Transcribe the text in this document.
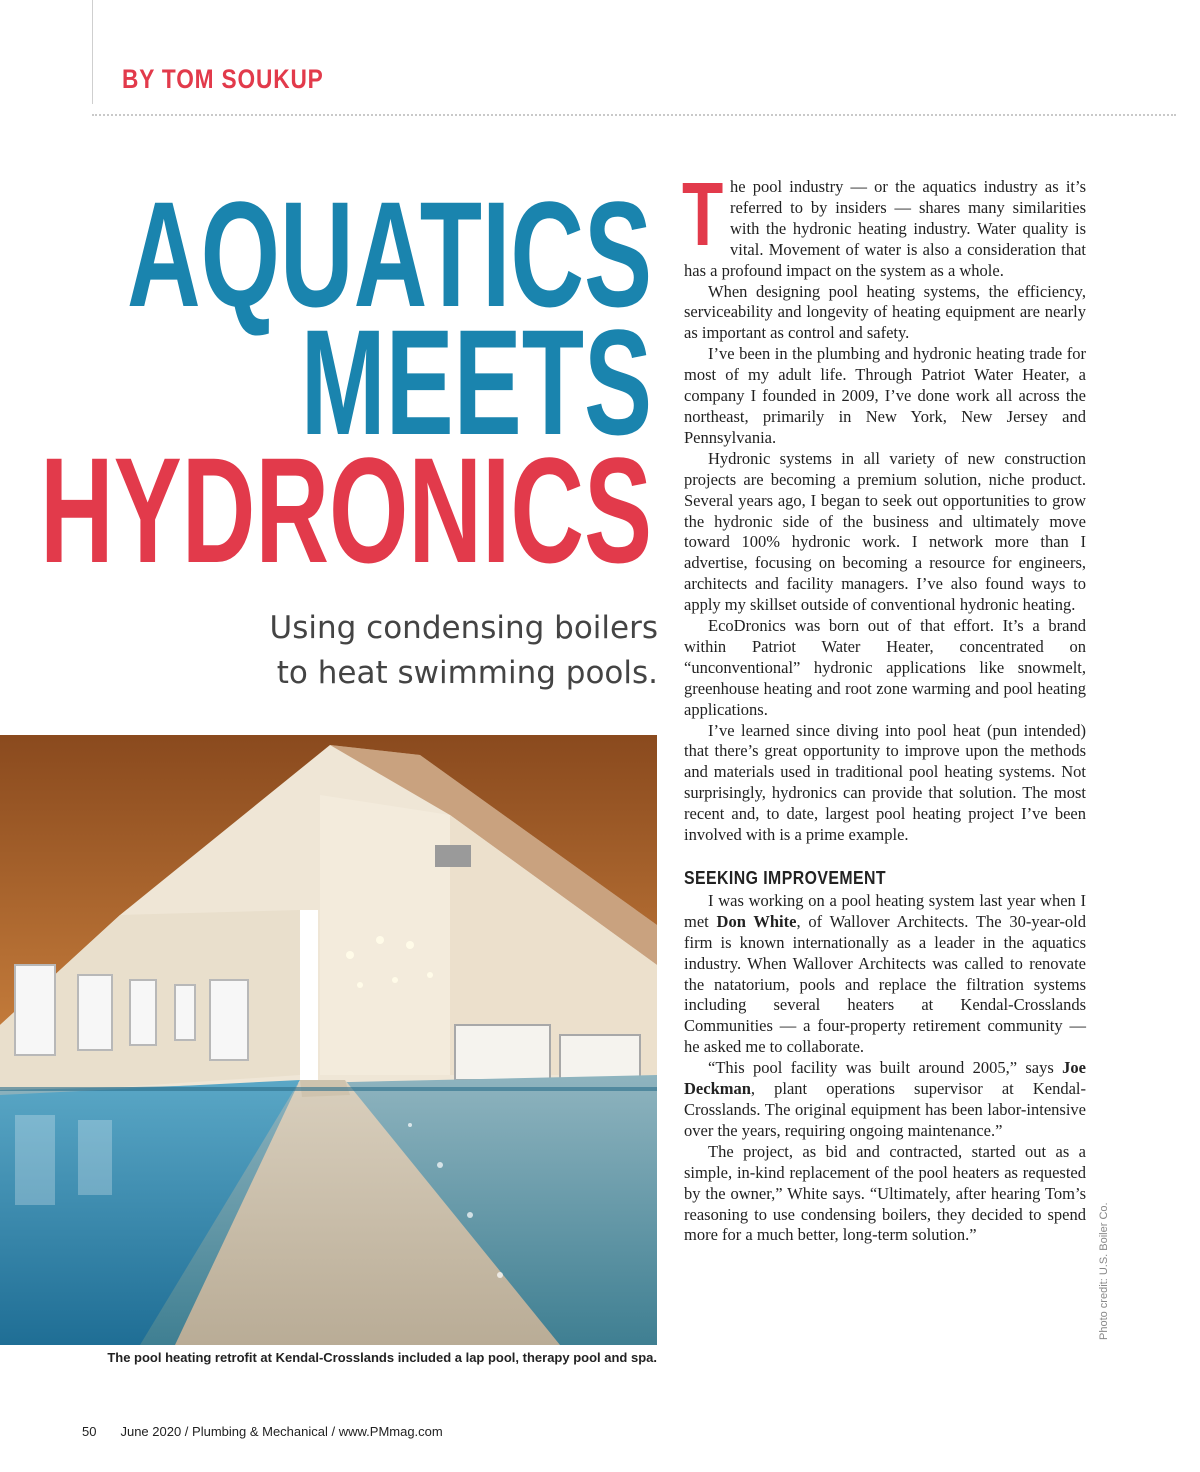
BY TOM SOUKUP
AQUATICS
MEETS
HYDRONICS
Using condensing boilers
to heat swimming pools.
The pool heating retrofit at Kendal-Crosslands included a lap pool, therapy pool and spa.

The pool industry — or the aquatics industry as it’s referred to by insiders — shares many similarities with the hydronic heating industry. Water quality is vital. Movement of water is also a consideration that has a profound impact on the system as a whole.

When designing pool heating systems, the efficiency, serviceability and longevity of heating equipment are nearly as important as control and safety.

I’ve been in the plumbing and hydronic heating trade for most of my adult life. Through Patriot Water Heater, a company I founded in 2009, I’ve done work all across the northeast, primarily in New York, New Jersey and Pennsylvania.

Hydronic systems in all variety of new construction projects are becoming a premium solution, niche product. Several years ago, I began to seek out opportunities to grow the hydronic side of the business and ultimately move toward 100% hydronic work. I network more than I advertise, focusing on becoming a resource for engineers, architects and facility managers. I’ve also found ways to apply my skillset outside of conventional hydronic heating.

EcoDronics was born out of that effort. It’s a brand within Patriot Water Heater, concentrated on “unconventional” hydronic applications like snowmelt, greenhouse heating and root zone warming and pool heating applications.

I’ve learned since diving into pool heat (pun intended) that there’s great opportunity to improve upon the methods and materials used in traditional pool heating systems. Not surprisingly, hydronics can provide that solution. The most recent and, to date, largest pool heating project I’ve been involved with is a prime example.

SEEKING IMPROVEMENT

I was working on a pool heating system last year when I met Don White, of Wallover Architects. The 30-year-old firm is known internationally as a leader in the aquatics industry. When Wallover Architects was called to renovate the natatorium, pools and replace the filtration systems including several heaters at Kendal-Crosslands Communities — a four-property retirement community — he asked me to collaborate.

“This pool facility was built around 2005,” says Joe Deckman, plant operations supervisor at Kendal-Crosslands. The original equipment has been labor-intensive over the years, requiring ongoing maintenance.”

The project, as bid and contracted, started out as a simple, in-kind replacement of the pool heaters as requested by the owner,” White says. “Ultimately, after hearing Tom’s reasoning to use condensing boilers, they decided to spend more for a much better, long-term solution.”	Photo credit: U.S. Boiler Co.
50 June 2020 / Plumbing & Mechanical / www.PMmag.com
